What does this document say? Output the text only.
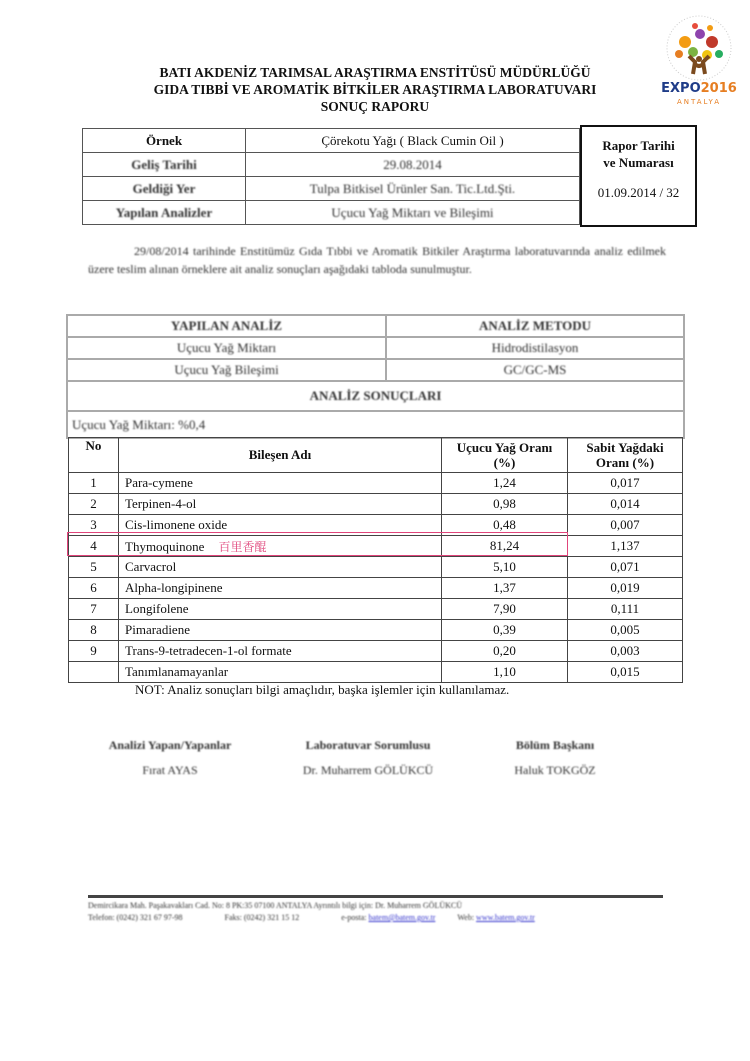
BATI AKDENİZ TARIMSAL ARAŞTIRMA ENSTİTÜSÜ MÜDÜRLÜĞÜ
GIDA TIBBİ VE AROMATİK BİTKİLER ARAŞTIRMA LABORATUVARI
SONUÇ RAPORU
EXPO2016
ANTALYA
Örnek	Çörekotu Yağı ( Black Cumin Oil )
Geliş Tarihi	29.08.2014
Geldiği Yer	Tulpa Bitkisel Ürünler San. Tic.Ltd.Şti.
Yapılan Analizler	Uçucu Yağ Miktarı ve Bileşimi
Rapor Tarihi ve Numarası
01.09.2014 / 32
29/08/2014 tarihinde Enstitümüz Gıda Tıbbi ve Aromatik Bitkiler Araştırma laboratuvarında analiz edilmek üzere teslim alınan örneklere ait analiz sonuçları aşağıdaki tabloda sunulmuştur.
YAPILAN ANALİZ	ANALİZ METODU
Uçucu Yağ Miktarı	Hidrodistilasyon
Uçucu Yağ Bileşimi	GC/GC-MS
ANALİZ SONUÇLARI	
Uçucu Yağ Miktarı: %0,4	
No	Bileşen Adı	Uçucu Yağ Oranı (%)	Sabit Yağdaki Oranı (%)
1	Para-cymene	1,24	0,017
2	Terpinen-4-ol	0,98	0,014
3	Cis-limonene oxide	0,48	0,007
4	Thymoquinone 百里香醌	81,24	1,137
5	Carvacrol	5,10	0,071
6	Alpha-longipinene	1,37	0,019
7	Longifolene	7,90	0,111
8	Pimaradiene	0,39	0,005
9	Trans-9-tetradecen-1-ol formate	0,20	0,003
	Tanımlanamayanlar	1,10	0,015
NOT: Analiz sonuçları bilgi amaçlıdır, başka işlemler için kullanılamaz.
Analizi Yapan/Yapanlar
Fırat AYAS
Laboratuvar Sorumlusu
Dr. Muharrem GÖLÜKCÜ
Bölüm Başkanı
Haluk TOKGÖZ
Demircikara Mah. Paşakavakları Cad. No: 8 PK:35 07100 ANTALYA Ayrıntılı bilgi için: Dr. Muharrem GÖLÜKCÜ
Telefon: (0242) 321 67 97-98	Faks: (0242) 321 15 12	e-posta: batem@batem.gov.tr	Web: www.batem.gov.tr
